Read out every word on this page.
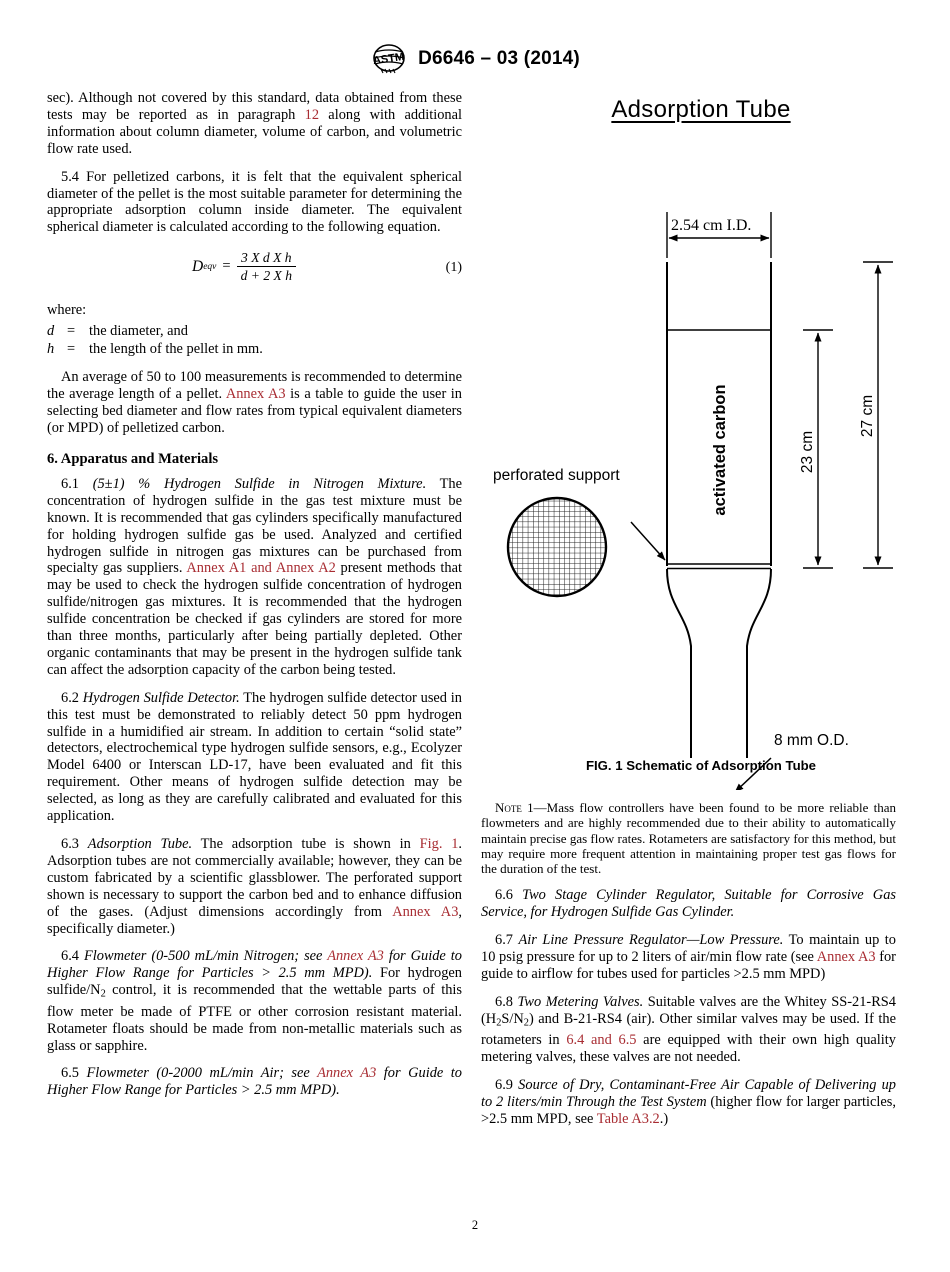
ASTM D6646 – 03 (2014)

sec). Although not covered by this standard, data obtained from these tests may be reported as in paragraph 12 along with additional information about column diameter, volume of carbon, and volumetric flow rate used.

5.4 For pelletized carbons, it is felt that the equivalent spherical diameter of the pellet is the most suitable parameter for determining the appropriate adsorption column inside diameter. The equivalent spherical diameter is calculated according to the following equation.

D eqv = $\frac{\text{3 X d X h}}{\text{d + 2 X h}}$	(1)
where:
d = the diameter, and
h = the length of the pellet in mm.

An average of 50 to 100 measurements is recommended to determine the average length of a pellet. Annex A3 is a table to guide the user in selecting bed diameter and flow rates from typical equivalent diameters (or MPD) of pelletized carbon.

6. Apparatus and Materials

6.1 (5±1) % Hydrogen Sulfide in Nitrogen Mixture. The concentration of hydrogen sulfide in the gas test mixture must be known. It is recommended that gas cylinders specifically manufactured for holding hydrogen sulfide gas be used. Analyzed and certified hydrogen sulfide in nitrogen gas mixtures can be purchased from specialty gas suppliers. Annex A1 and Annex A2 present methods that may be used to check the hydrogen sulfide concentration of hydrogen sulfide/nitrogen gas mixtures. It is recommended that the hydrogen sulfide concentration be checked if gas cylinders are stored for more than three months, particularly after being partially depleted. Other organic contaminants that may be present in the hydrogen sulfide tank can affect the adsorption capacity of the carbon being tested.

6.2 Hydrogen Sulfide Detector. The hydrogen sulfide detector used in this test must be demonstrated to reliably detect 50 ppm hydrogen sulfide in a humidified air stream. In addition to certain “solid state” detectors, electrochemical type hydrogen sulfide sensors, e.g., Ecolyzer Model 6400 or Interscan LD-17, have been evaluated and fit this requirement. Other means of hydrogen sulfide detection may be selected, as long as they are carefully calibrated and evaluated for this application.

6.3 Adsorption Tube. The adsorption tube is shown in Fig. 1. Adsorption tubes are not commercially available; however, they can be custom fabricated by a scientific glassblower. The perforated support shown is necessary to support the carbon bed and to enhance diffusion of the gases. (Adjust dimensions accordingly from Annex A3, specifically diameter.)

6.4 Flowmeter (0-500 mL/min Nitrogen; see Annex A3 for Guide to Higher Flow Range for Particles > 2.5 mm MPD). For hydrogen sulfide/$N_2$ control, it is recommended that the wettable parts of this flow meter be made of PTFE or other corrosion resistant material. Rotameter floats should be made from non-metallic materials such as glass or sapphire.

6.5 Flowmeter (0-2000 mL/min Air; see Annex A3 for Guide to Higher Flow Range for Particles > 2.5 mm MPD).

Note 1—Mass flow controllers have been found to be more reliable than flowmeters and are highly recommended due to their ability to automatically maintain precise gas flow rates. Rotameters are satisfactory for this method, but may require more frequent attention in maintaining proper test gas flows for the duration of the test.

6.6 Two Stage Cylinder Regulator, Suitable for Corrosive Gas Service, for Hydrogen Sulfide Gas Cylinder.

6.7 Air Line Pressure Regulator—Low Pressure. To maintain up to 10 psig pressure for up to 2 liters of air/min flow rate (see Annex A3 for guide to airflow for tubes used for particles >2.5 mm MPD)

6.8 Two Metering Valves. Suitable valves are the Whitey SS-21-RS4 $(H_2S/N_2)$ and B-21-RS4 (air). Other similar valves may be used. If the rotameters in 6.4 and 6.5 are equipped with their own high quality metering valves, these valves are not needed.

6.9 Source of Dry, Contaminant-Free Air Capable of Delivering up to 2 liters/min Through the Test System (higher flow for larger particles, >2.5 mm MPD, see Table A3.2.)

Adsorption Tube
2.54 cm I.D.
activated carbon	23 cm
27 cm
perforated support
8 mm O.D.
FIG. 1 Schematic of Adsorption Tube
2
